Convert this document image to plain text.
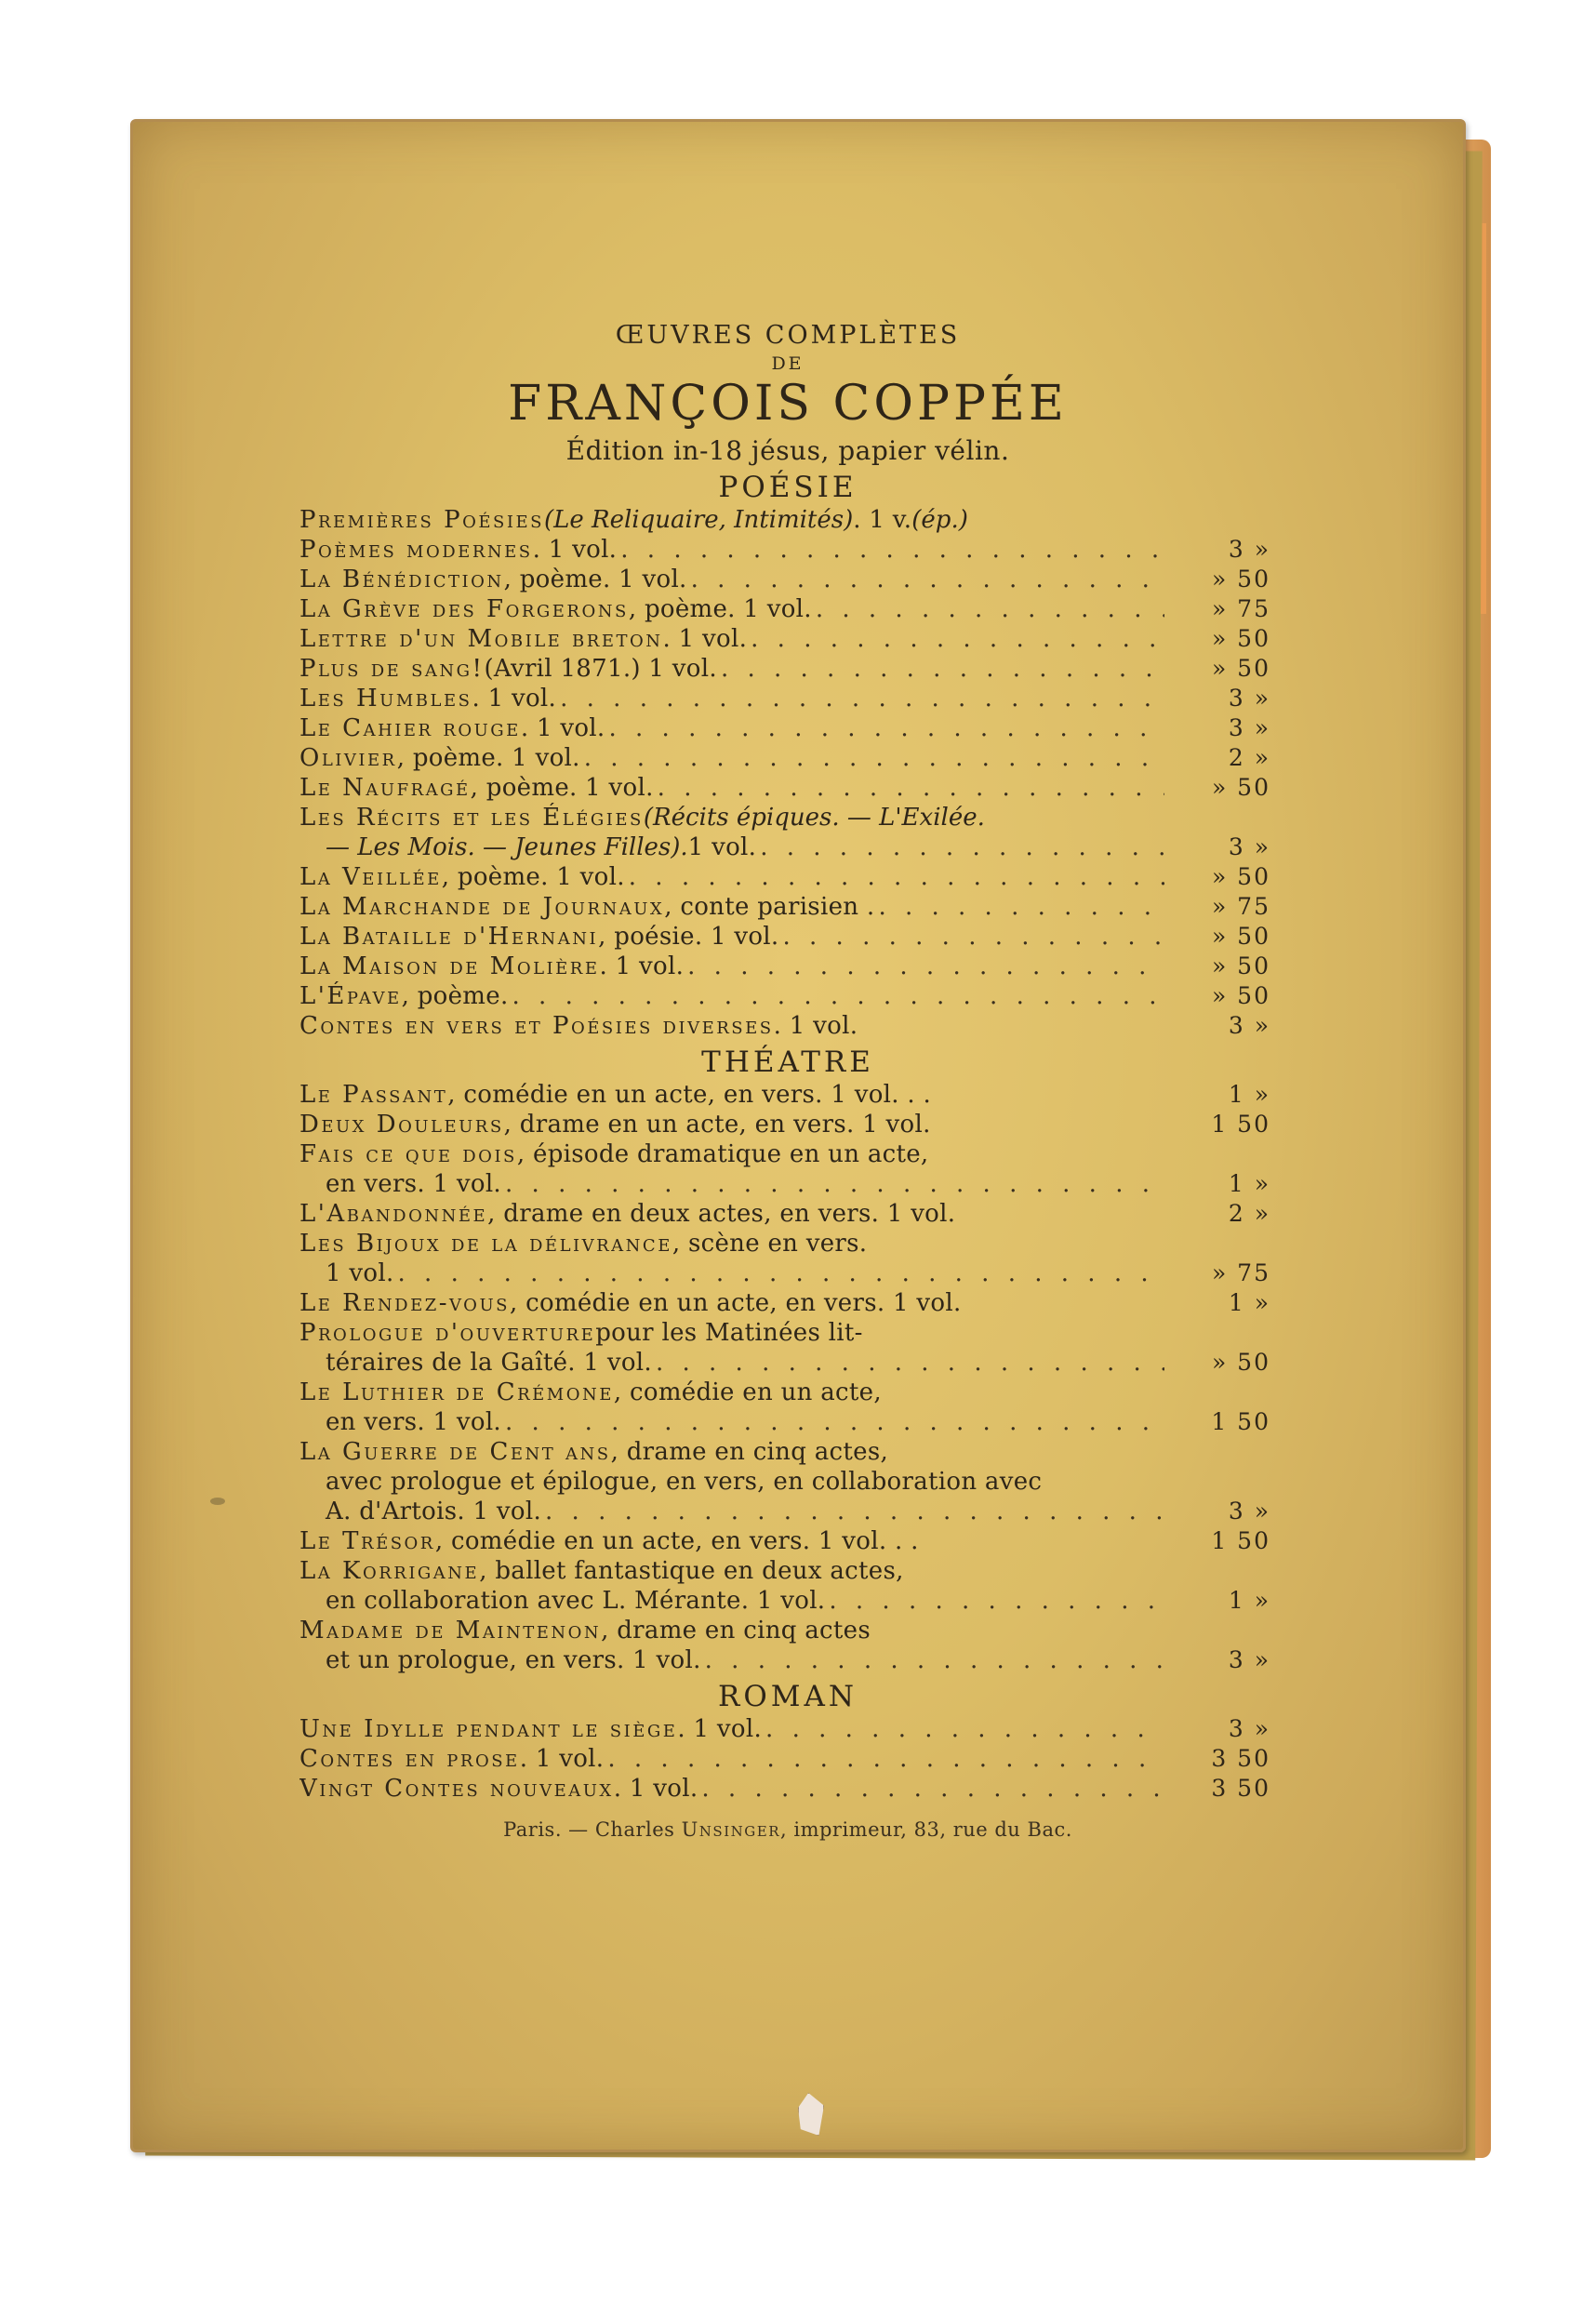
ŒUVRES COMPLÈTES
DE
FRANÇOIS COPPÉE
Édition in-18 jésus, papier vélin.
POÉSIE
Premières Poésies (Le Reliquaire, Intimités) . 1 v. (ép.)
Poèmes modernes . 1 vol. . . .	3 »
La Bénédiction , poème. 1 vol. . . .	» 50
La Grève des Forgerons , poème. 1 vol. . . .	» 75
Lettre d'un Mobile breton . 1 vol. . . .	» 50
Plus de sang! (Avril 1871.) 1 vol. . . .	» 50
Les Humbles . 1 vol. . . .	3 »
Le Cahier rouge . 1 vol. . . .	3 »
Olivier , poème. 1 vol. . . .	2 »
Le Naufragé , poème. 1 vol. . . .	» 50
Les Récits et les Élégies (Récits épiques. — L'Exilée.
— Les Mois. — Jeunes Filles). 1 vol. . . .	3 »
La Veillée , poème. 1 vol. . . .	» 50
La Marchande de Journaux , conte parisien . . . .	» 75
La Bataille d'Hernani , poésie. 1 vol. . . .	» 50
La Maison de Molière . 1 vol. . . .	» 50
L'Épave , poème. . . .	» 50
Contes en vers et Poésies diverses . 1 vol.	3 »
THÉATRE
Le Passant , comédie en un acte, en vers. 1 vol. . .	1 »
Deux Douleurs , drame en un acte, en vers. 1 vol.	1 50
Fais ce que dois , épisode dramatique en un acte,
en vers. 1 vol. . . .	1 »
L'Abandonnée , drame en deux actes, en vers. 1 vol.	2 »
Les Bijoux de la délivrance , scène en vers.
1 vol. . . .	» 75
Le Rendez-vous , comédie en un acte, en vers. 1 vol.	1 »
Prologue d'ouverture pour les Matinées lit-
téraires de la Gaîté. 1 vol. . . .	» 50
Le Luthier de Crémone , comédie en un acte,
en vers. 1 vol. . . .	1 50
La Guerre de Cent ans , drame en cinq actes,
avec prologue et épilogue, en vers, en collaboration avec
A. d'Artois. 1 vol. . . .	3 »
Le Trésor , comédie en un acte, en vers. 1 vol. . .	1 50
La Korrigane , ballet fantastique en deux actes,
en collaboration avec L. Mérante. 1 vol. . . .	1 »
Madame de Maintenon , drame en cinq actes
et un prologue, en vers. 1 vol. . . .	3 »
ROMAN
Une Idylle pendant le siège . 1 vol. . . .	3 »
Contes en prose . 1 vol. . . .	3 50
Vingt Contes nouveaux . 1 vol. . . .	3 50
Paris. — Charles Unsinger, imprimeur, 83, rue du Bac.
